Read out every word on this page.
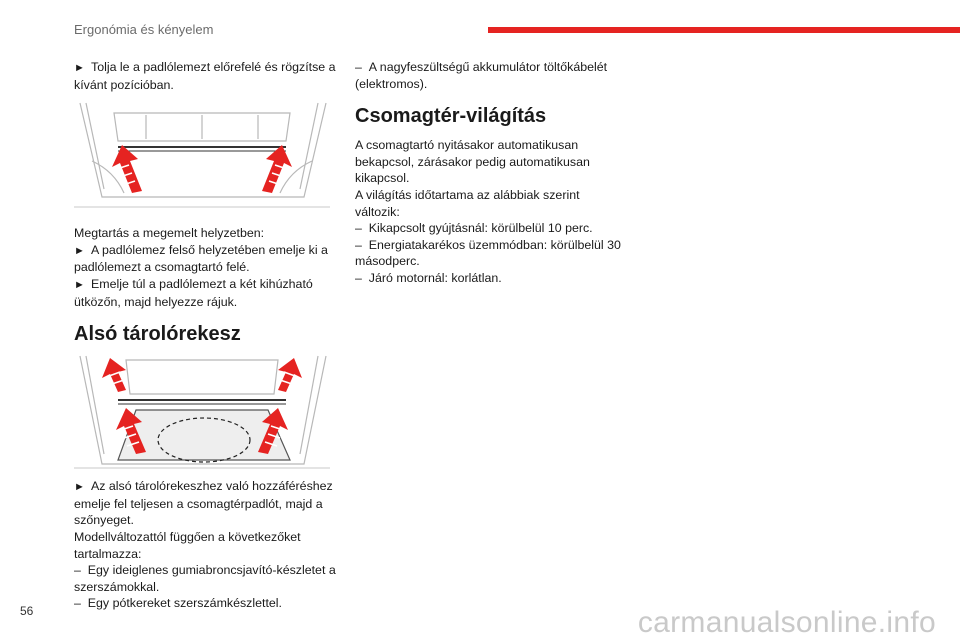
Ergonómia és kényelem

►  Tolja le a padlólemezt előrefelé és rögzítse a kívánt pozícióban.

Megtartás a megemelt helyzetben:

►  A padlólemez felső helyzetében emelje ki a padlólemezt a csomagtartó felé.

►  Emelje túl a padlólemezt a két kihúzható ütközőn, majd helyezze rájuk.

Alsó tárolórekesz

►  Az alsó tárolórekeszhez való hozzáféréshez emelje fel teljesen a csomagtérpadlót, majd a szőnyeget.

Modellváltozattól függően a következőket tartalmazza:

–  Egy ideiglenes gumiabroncsjavító-készletet a szerszámokkal.

–  Egy pótkereket szerszámkészlettel.

–  A nagyfeszültségű akkumulátor töltőkábelét (elektromos).

Csomagtér-világítás

A csomagtartó nyitásakor automatikusan bekapcsol, zárásakor pedig automatikusan kikapcsol.

A világítás időtartama az alábbiak szerint változik:

–  Kikapcsolt gyújtásnál: körülbelül 10 perc.

–  Energiatakarékos üzemmódban: körülbelül 30 másodperc.

–  Járó motornál: korlátlan.

56	carmanualsonline.info
